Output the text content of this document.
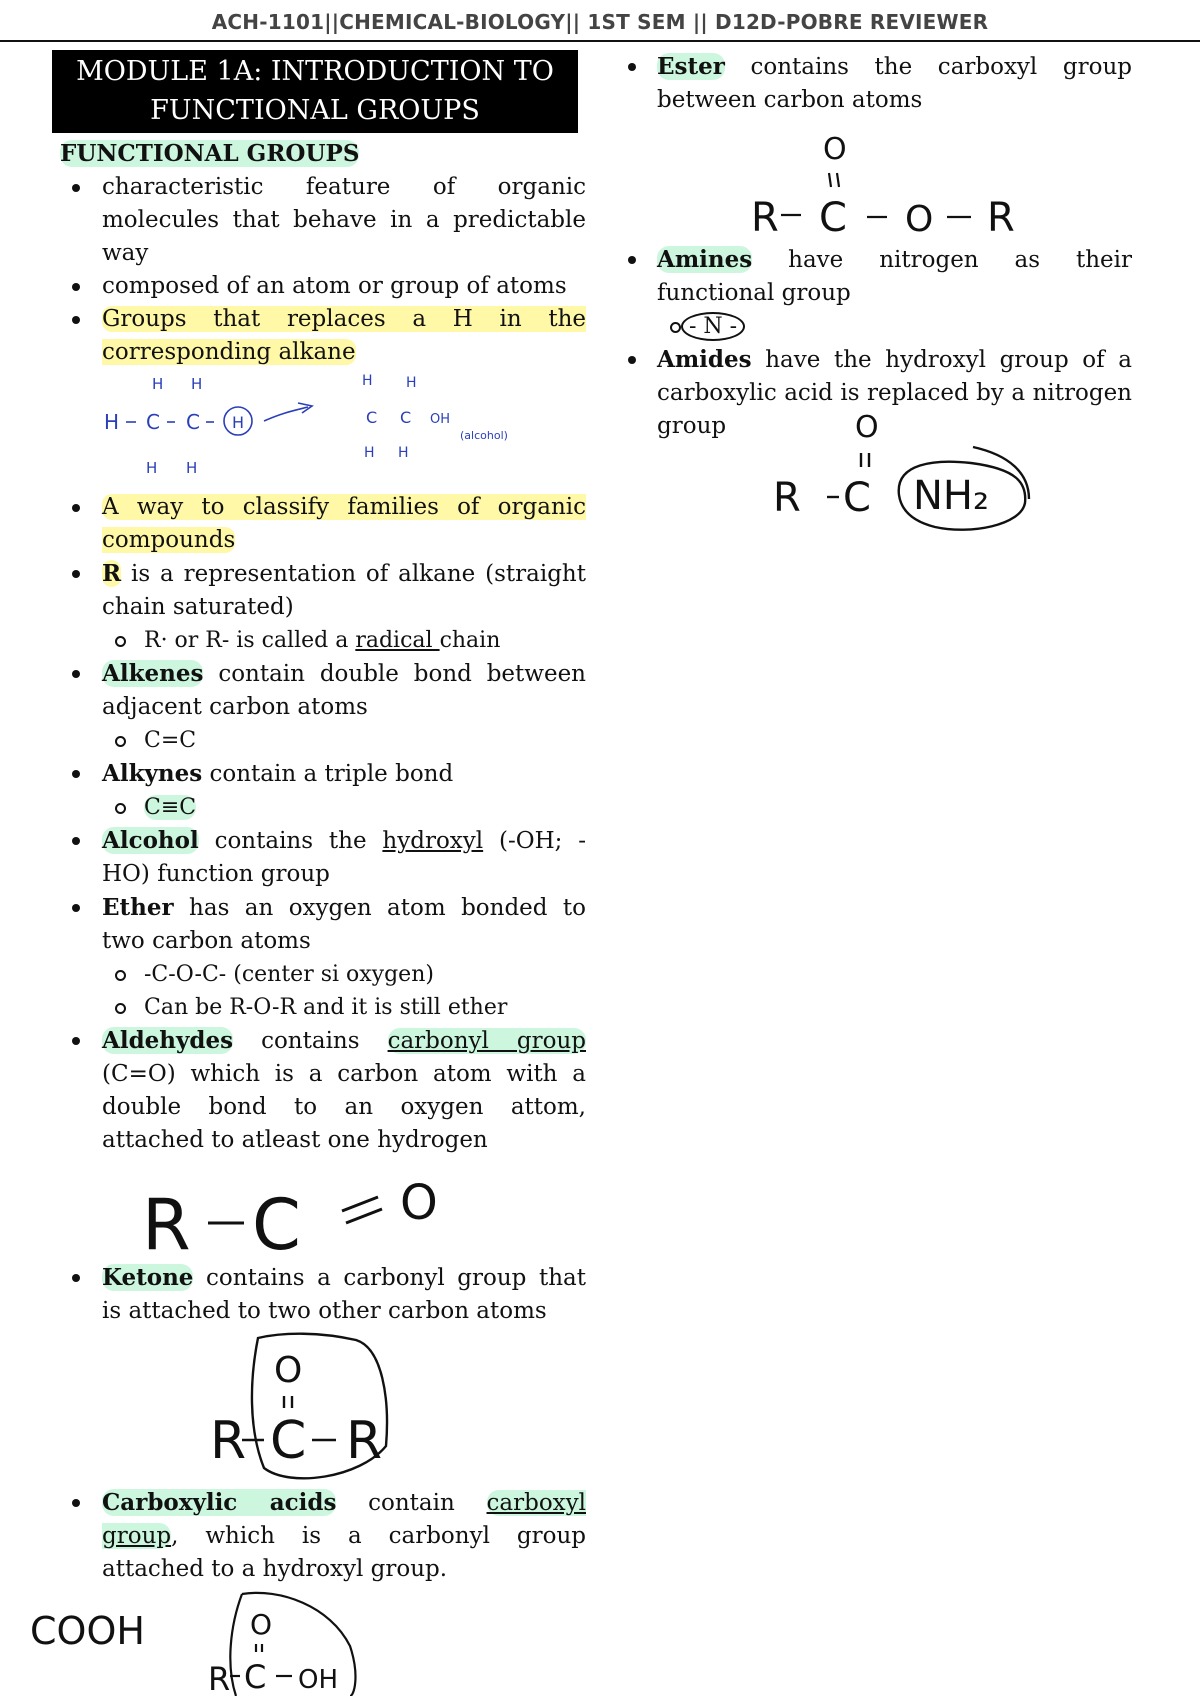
ACH-1101||CHEMICAL-BIOLOGY|| 1ST SEM || D12D-POBRE REVIEWER
MODULE 1A: INTRODUCTION TO FUNCTIONAL GROUPS
FUNCTIONAL GROUPS
characteristic feature of organic molecules that behave in a predictable way
composed of an atom or group of atoms
Groups that replaces a H in the corresponding alkane
H H
H C C H
H H
H H
C C OH
H H
(alcohol)
A way to classify families of organic compounds
R is a representation of alkane (straight chain saturated)
R· or R- is called a radical chain
Alkenes contain double bond between adjacent carbon atoms
C=C
Alkynes contain a triple bond
C≡C
Alcohol contains the hydroxyl (-OH; -HO) function group
Ether has an oxygen atom bonded to two carbon atoms
-C-O-C- (center si oxygen)
Can be R-O-R and it is still ether
Aldehydes contains carbonyl group (C=O) which is a carbon atom with a double bond to an oxygen attom, attached to atleast one hydrogen
R C O
Ketone contains a carbonyl group that is attached to two other carbon atoms
O
R C R
Carboxylic acids contain carboxyl group, which is a carbonyl group attached to a hydroxyl group.
COOH	O
R C OH
Ester contains the carboxyl group between carbon atoms
O
R C O R
Amines have nitrogen as their functional group
- N -
Amides have the hydroxyl group of a carboxylic acid is replaced by a nitrogen group	O
R C NH₂
